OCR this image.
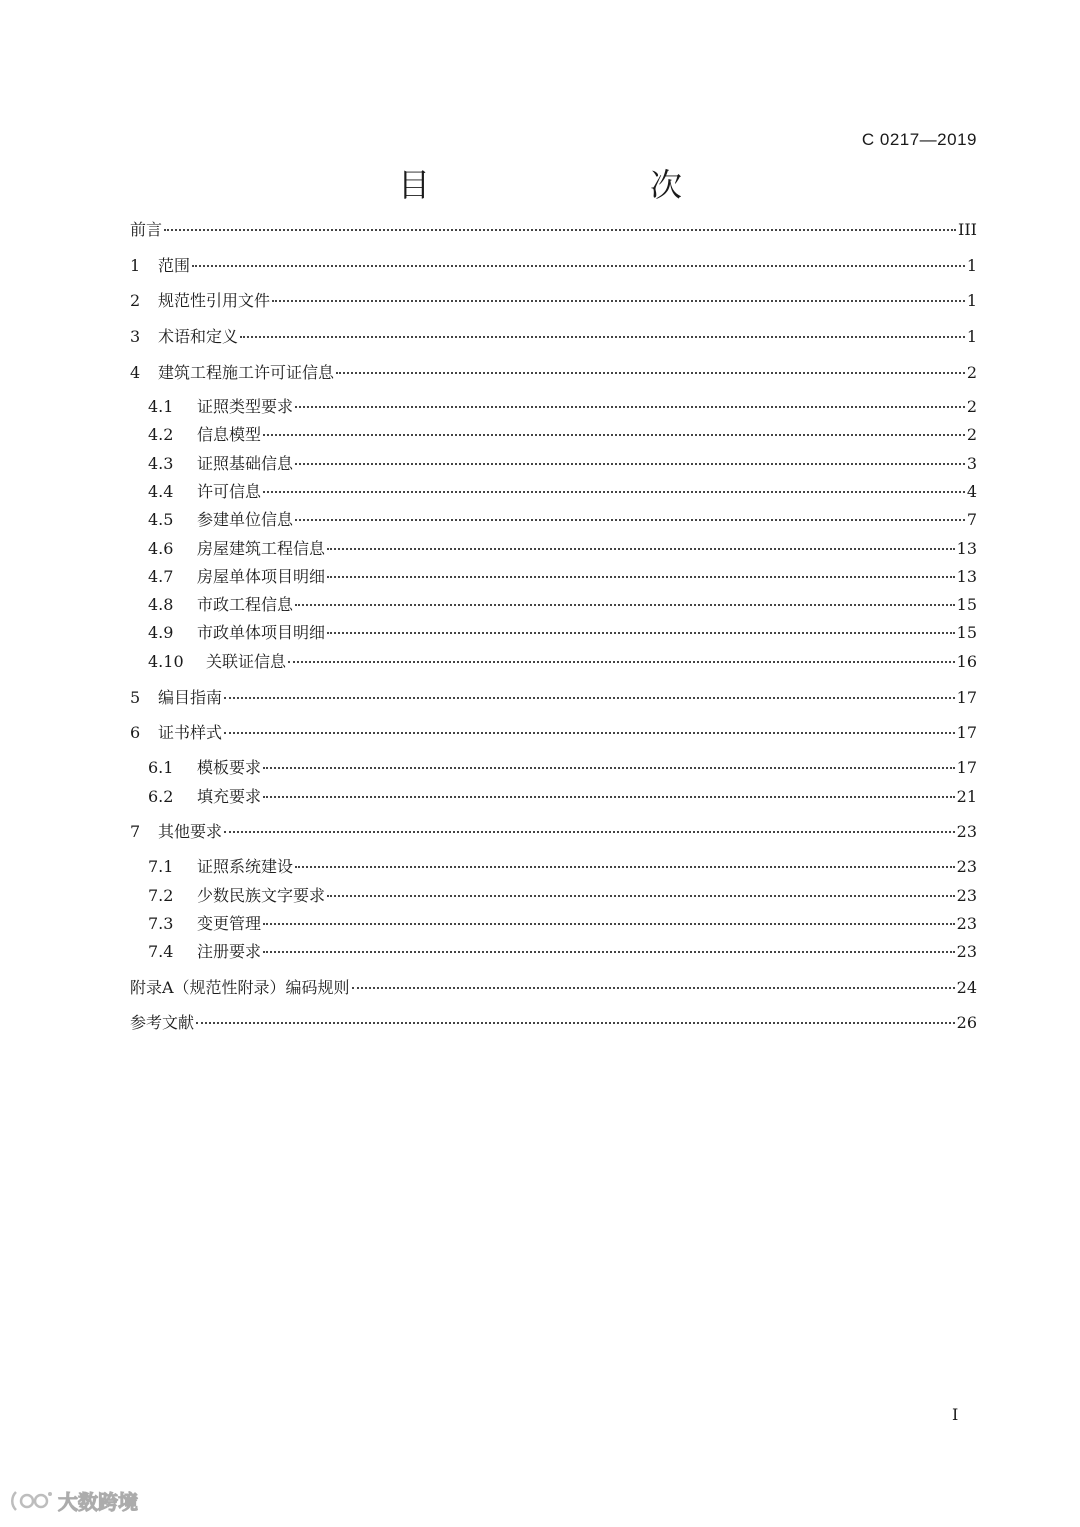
C 0217—2019
目　　次
前言	III
1	范围	1
2	规范性引用文件	1
3	术语和定义	1
4	建筑工程施工许可证信息	2
4.1	证照类型要求	2
4.2	信息模型	2
4.3	证照基础信息	3
4.4	许可信息	4
4.5	参建单位信息	7
4.6	房屋建筑工程信息	13
4.7	房屋单体项目明细	13
4.8	市政工程信息	15
4.9	市政单体项目明细	15
4.10	关联证信息	16
5	编目指南	17
6	证书样式	17
6.1	模板要求	17
6.2	填充要求	21
7	其他要求	23
7.1	证照系统建设	23
7.2	少数民族文字要求	23
7.3	变更管理	23
7.4	注册要求	23
附录A（规范性附录）编码规则	24
参考文献	26
I
大数跨境
